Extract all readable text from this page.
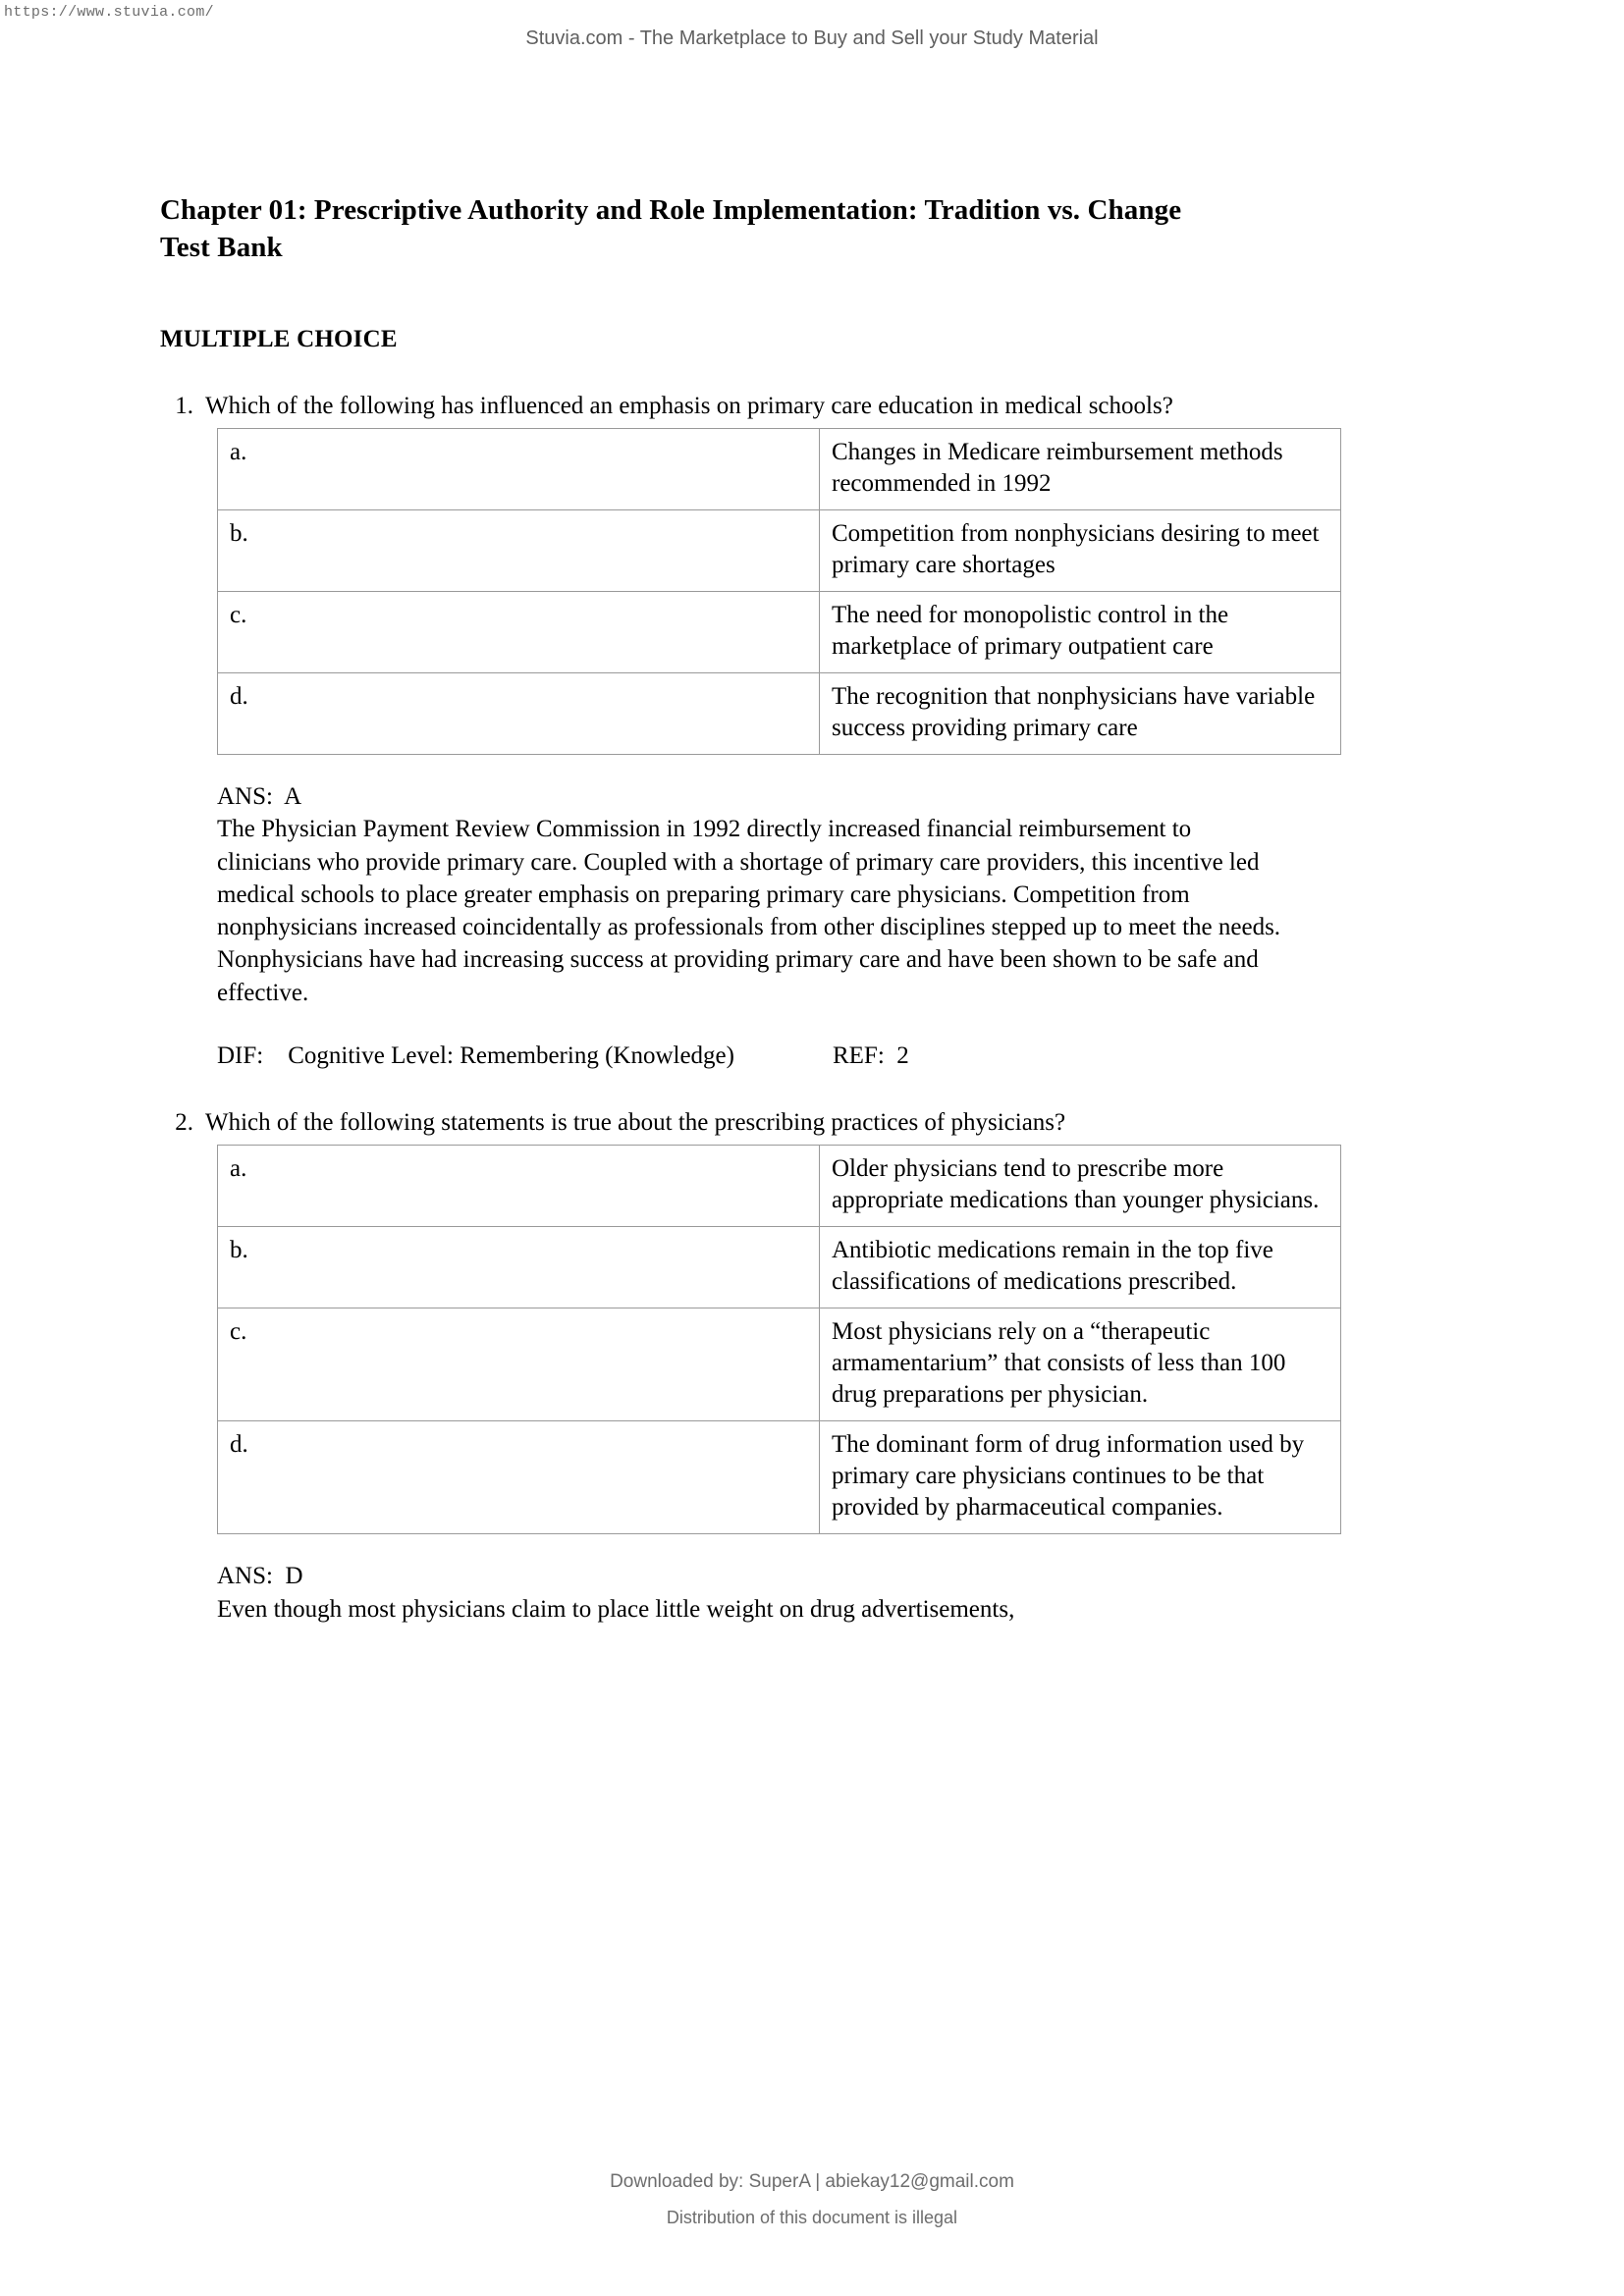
https://www.stuvia.com/
Stuvia.com - The Marketplace to Buy and Sell your Study Material
Chapter 01: Prescriptive Authority and Role Implementation: Tradition vs. Change
Test Bank
MULTIPLE CHOICE
1. Which of the following has influenced an emphasis on primary care education in medical schools?
a.	Changes in Medicare reimbursement methods recommended in 1992
b.	Competition from nonphysicians desiring to meet primary care shortages
c.	The need for monopolistic control in the marketplace of primary outpatient care
d.	The recognition that nonphysicians have variable success providing primary care
ANS:  A
The Physician Payment Review Commission in 1992 directly increased financial reimbursement to clinicians who provide primary care. Coupled with a shortage of primary care providers, this incentive led medical schools to place greater emphasis on preparing primary care physicians. Competition from nonphysicians increased coincidentally as professionals from other disciplines stepped up to meet the needs. Nonphysicians have had increasing success at providing primary care and have been shown to be safe and effective.
DIF:    Cognitive Level: Remembering (Knowledge)                REF:  2
2. Which of the following statements is true about the prescribing practices of physicians?
a.	Older physicians tend to prescribe more appropriate medications than younger physicians.
b.	Antibiotic medications remain in the top five classifications of medications prescribed.
c.	Most physicians rely on a “therapeutic armamentarium” that consists of less than 100 drug preparations per physician.
d.	The dominant form of drug information used by primary care physicians continues to be that provided by pharmaceutical companies.
ANS:  D
Even though most physicians claim to place little weight on drug advertisements,
Downloaded by: SuperA | abiekay12@gmail.com
Distribution of this document is illegal
